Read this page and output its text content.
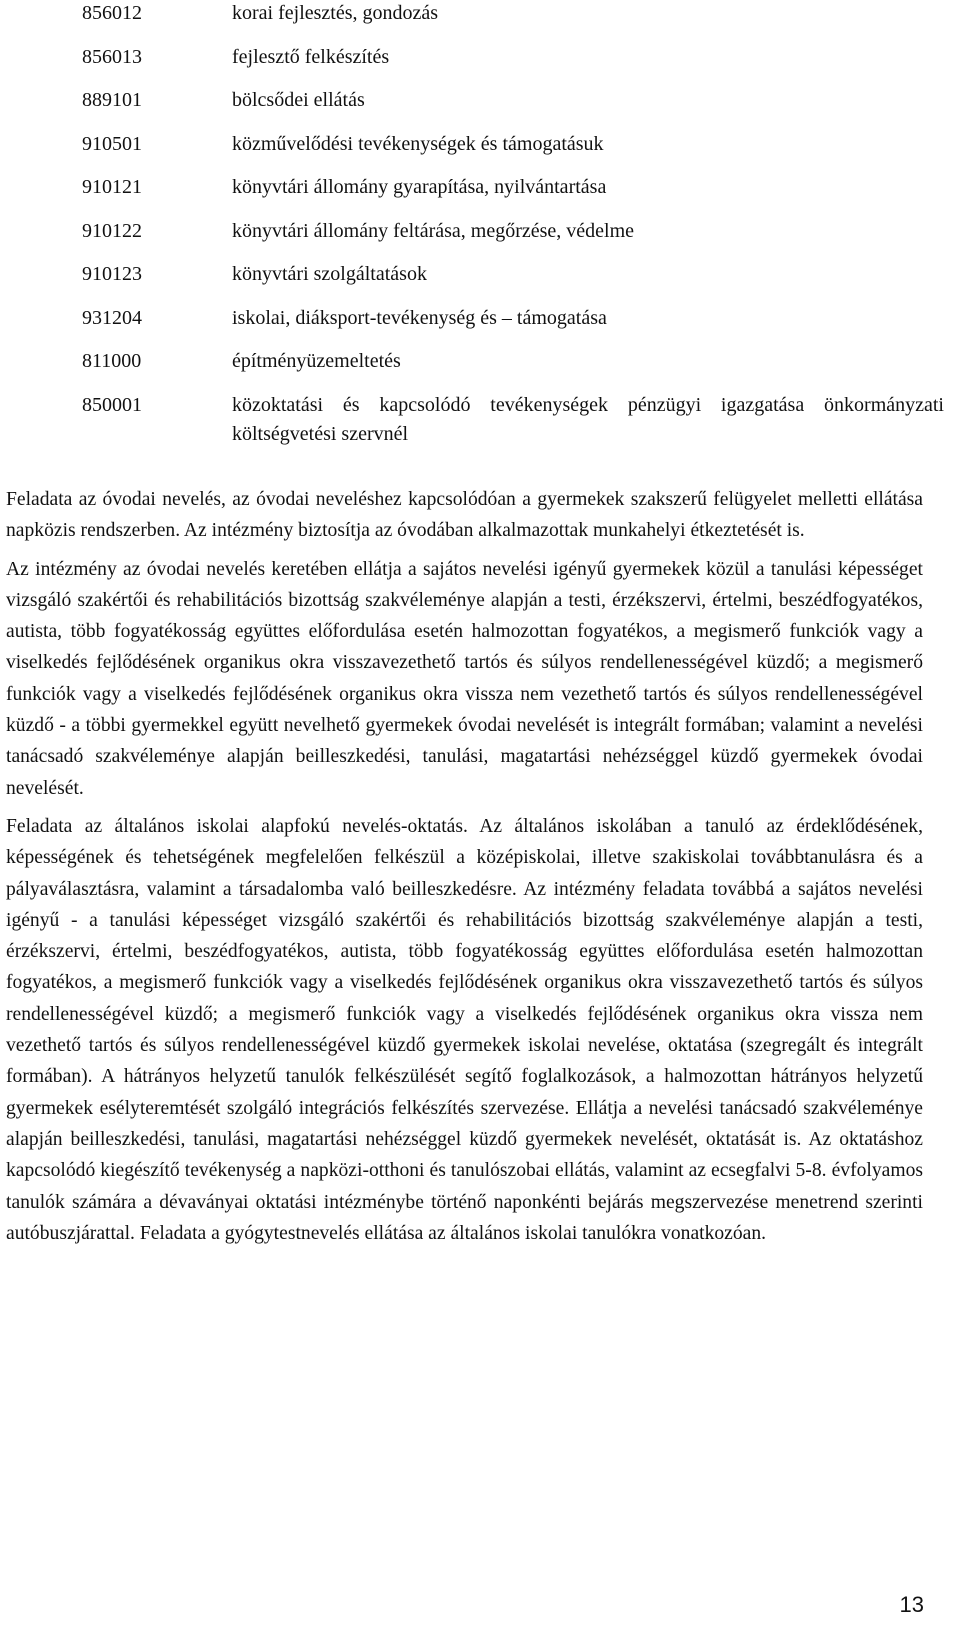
856012	korai fejlesztés, gondozás
856013	fejlesztő felkészítés
889101	bölcsődei ellátás
910501	közművelődési tevékenységek és támogatásuk
910121	könyvtári állomány gyarapítása, nyilvántartása
910122	könyvtári állomány feltárása, megőrzése, védelme
910123	könyvtári szolgáltatások
931204	iskolai, diáksport-tevékenység és – támogatása
811000	építményüzemeltetés
850001	közoktatási és kapcsolódó tevékenységek pénzügyi igazgatása önkormányzati költségvetési szervnél

Feladata az óvodai nevelés, az óvodai neveléshez kapcsolódóan a gyermekek szakszerű felügyelet melletti ellátása napközis rendszerben. Az intézmény biztosítja az óvodában alkalmazottak munkahelyi étkeztetését is.

Az intézmény az óvodai nevelés keretében ellátja a sajátos nevelési igényű gyermekek közül a tanulási képességet vizsgáló szakértői és rehabilitációs bizottság szakvéleménye alapján a testi, érzékszervi, értelmi, beszédfogyatékos, autista, több fogyatékosság együttes előfordulása esetén halmozottan fogyatékos, a megismerő funkciók vagy a viselkedés fejlődésének organikus okra visszavezethető tartós és súlyos rendellenességével küzdő; a megismerő funkciók vagy a viselkedés fejlődésének organikus okra vissza nem vezethető tartós és súlyos rendellenességével küzdő - a többi gyermekkel együtt nevelhető gyermekek óvodai nevelését is integrált formában; valamint a nevelési tanácsadó szakvéleménye alapján beilleszkedési, tanulási, magatartási nehézséggel küzdő gyermekek óvodai nevelését.

Feladata az általános iskolai alapfokú nevelés-oktatás. Az általános iskolában a tanuló az érdeklődésének, képességének és tehetségének megfelelően felkészül a középiskolai, illetve szakiskolai továbbtanulásra és a pályaválasztásra, valamint a társadalomba való beilleszkedésre. Az intézmény feladata továbbá a sajátos nevelési igényű - a tanulási képességet vizsgáló szakértői és rehabilitációs bizottság szakvéleménye alapján a testi, érzékszervi, értelmi, beszédfogyatékos, autista, több fogyatékosság együttes előfordulása esetén halmozottan fogyatékos, a megismerő funkciók vagy a viselkedés fejlődésének organikus okra visszavezethető tartós és súlyos rendellenességével küzdő; a megismerő funkciók vagy a viselkedés fejlődésének organikus okra vissza nem vezethető tartós és súlyos rendellenességével küzdő gyermekek iskolai nevelése, oktatása (szegregált és integrált formában). A hátrányos helyzetű tanulók felkészülését segítő foglalkozások, a halmozottan hátrányos helyzetű gyermekek esélyteremtését szolgáló integrációs felkészítés szervezése. Ellátja a nevelési tanácsadó szakvéleménye alapján beilleszkedési, tanulási, magatartási nehézséggel küzdő gyermekek nevelését, oktatását is. Az oktatáshoz kapcsolódó kiegészítő tevékenység a napközi-otthoni és tanulószobai ellátás, valamint az ecsegfalvi 5-8. évfolyamos tanulók számára a dévaványai oktatási intézménybe történő naponkénti bejárás megszervezése menetrend szerinti autóbuszjárattal. Feladata a gyógytestnevelés ellátása az általános iskolai tanulókra vonatkozóan.

13
